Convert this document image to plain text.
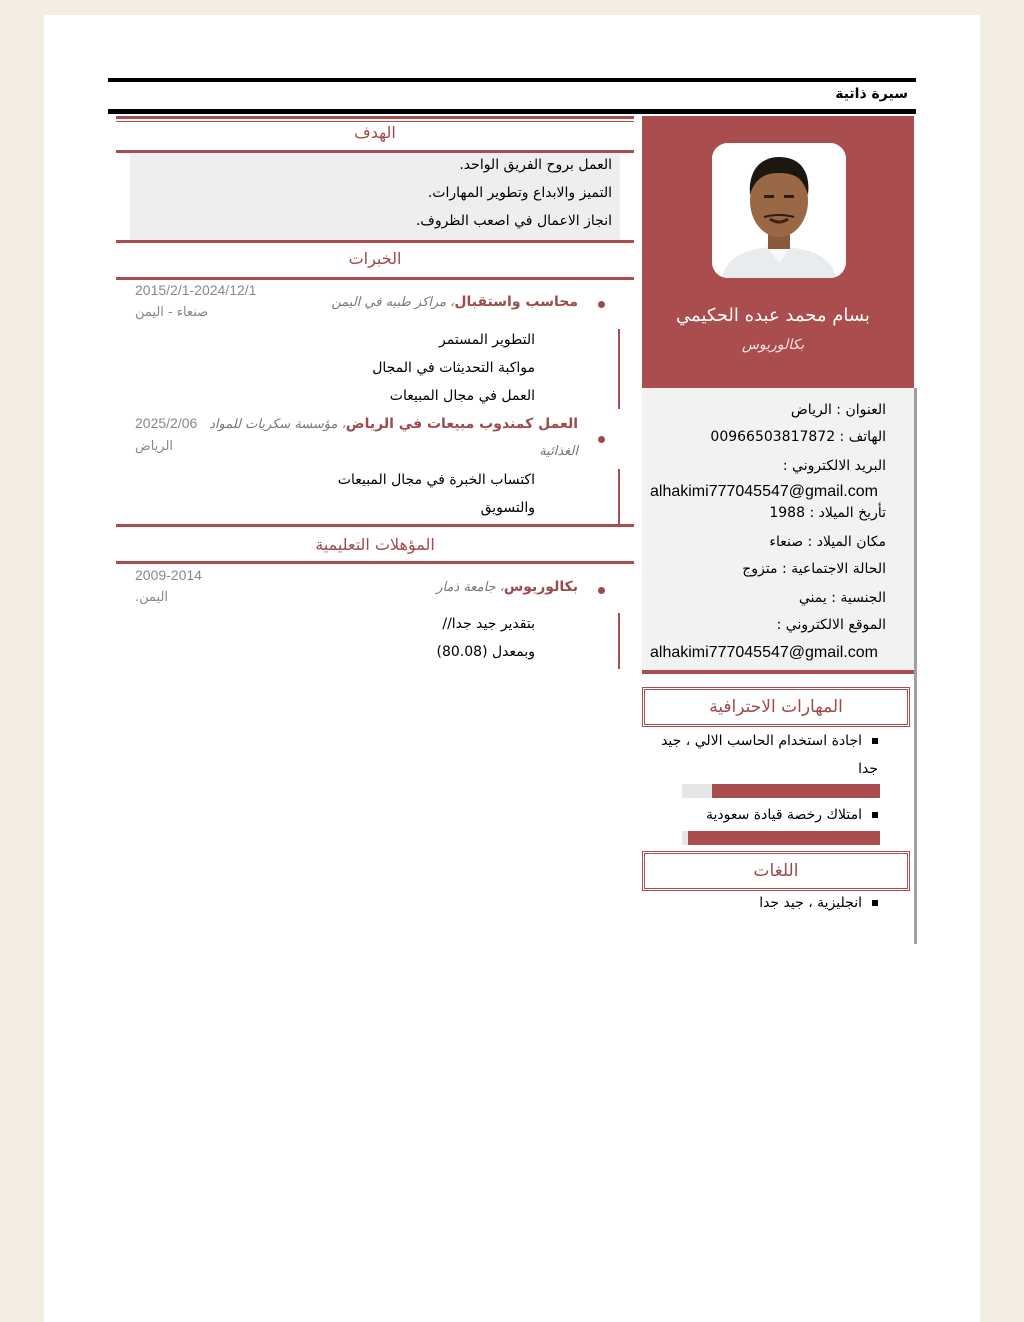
سيرة ذاتية
بسام محمد عبده الحكيمي
بكالوريوس
العنوان : الرياض
الهاتف : 00966503817872
البريد الالكتروني :
alhakimi777045547@gmail.com
تأريخ الميلاد : 1988
مكان الميلاد : صنعاء
الحالة الاجتماعية : متزوج
الجنسية : يمني
الموقع الالكتروني :
alhakimi777045547@gmail.com
المهارات الاحترافية
اجادة استخدام الحاسب الالي ، جيد
جدا
امتلاك رخصة قيادة سعودية
اللغات
انجليزية ، جيد جدا
الهدف
العمل بروح الفريق الواحد.
التميز والابداع وتطوير المهارات.
انجاز الاعمال في اصعب الظروف.
الخبرات
محاسب واستقبال، مراكز طبيه في اليمن
2015/2/1-2024/12/1
صنعاء - اليمن
التطوير المستمر
مواكبة التحديثات في المجال
العمل في مجال المبيعات
العمل كمندوب مبيعات في الرياض، مؤسسة سكريات للمواد
الغذائية
2025/2/06
الرياض
اكتساب الخبرة في مجال المبيعات
والتسويق
المؤهلات التعليمية
بكالوريوس، جامعة ذمار
2009-2014
اليمن.
بتقدير جيد جدا//
وبمعدل (80.08)
